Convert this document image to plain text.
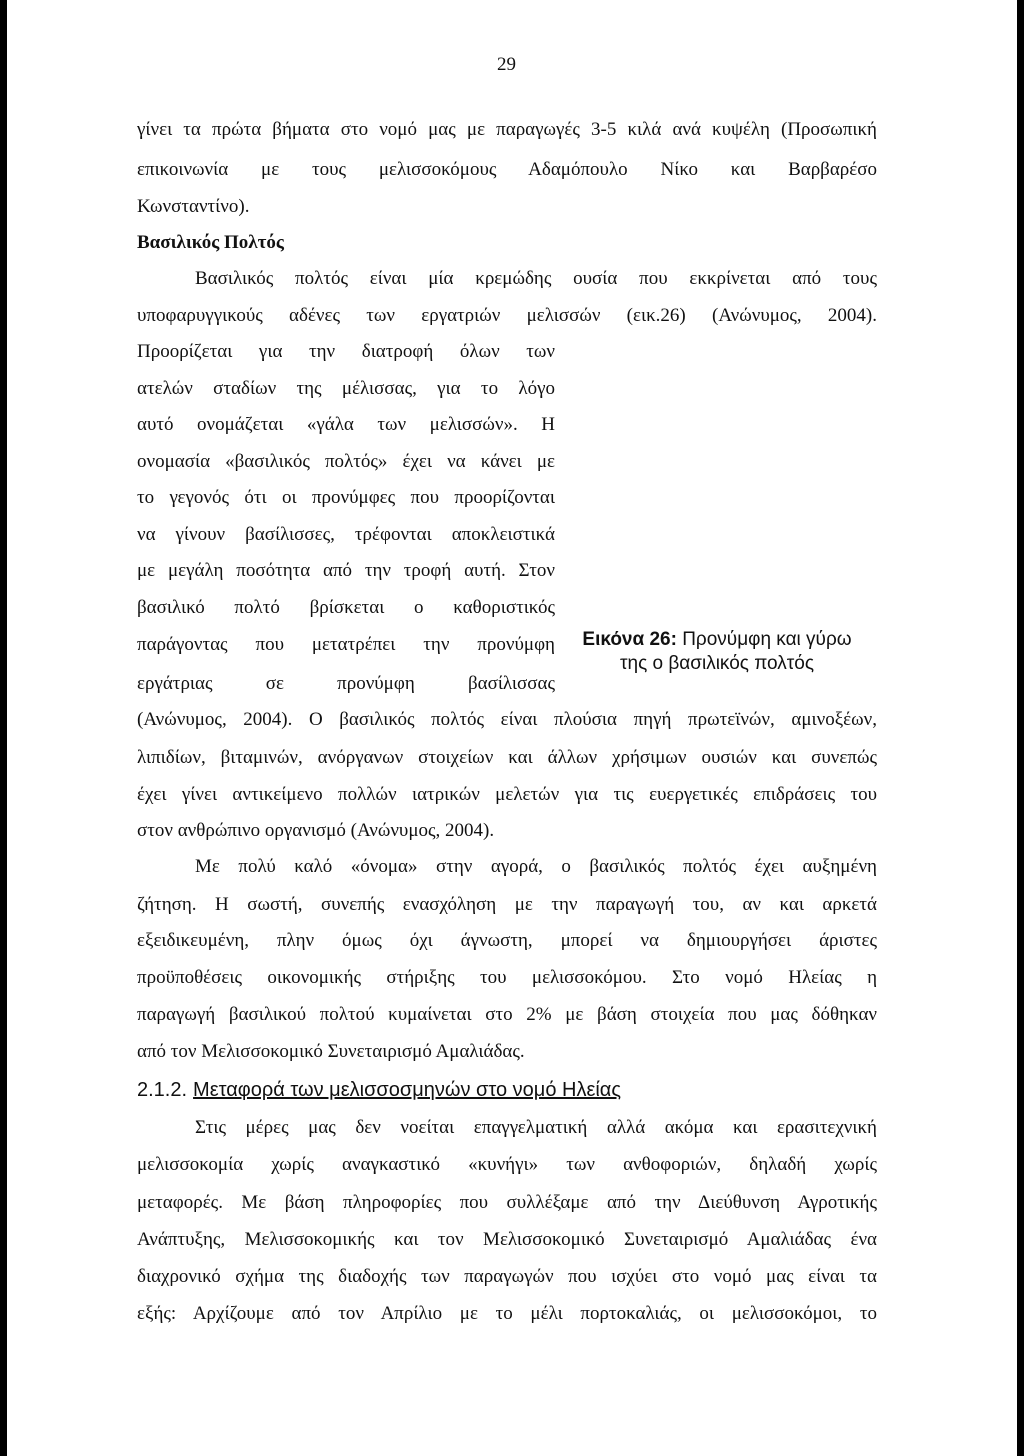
29
γίνει τα πρώτα βήματα στο νομό μας με παραγωγές 3-5 κιλά ανά κυψέλη (Προσωπική
επικοινωνία με τους μελισσοκόμους Αδαμόπουλο Νίκο και Βαρβαρέσο
Κωνσταντίνο).
Βασιλικός Πολτός
Βασιλικός πολτός είναι μία κρεμώδης ουσία που εκκρίνεται από τους
υποφαρυγγικούς αδένες των εργατριών μελισσών (εικ.26) (Ανώνυμος, 2004).
Προορίζεται για την διατροφή όλων των
ατελών σταδίων της μέλισσας, για το λόγο
αυτό ονομάζεται «γάλα των μελισσών». Η
ονομασία «βασιλικός πολτός» έχει να κάνει με
το γεγονός ότι οι προνύμφες που προορίζονται
να γίνουν βασίλισσες, τρέφονται αποκλειστικά
με μεγάλη ποσότητα από την τροφή αυτή. Στον
βασιλικό πολτό βρίσκεται ο καθοριστικός
παράγοντας που μετατρέπει την προνύμφη
εργάτριας σε προνύμφη βασίλισσας
Εικόνα 26: Προνύμφη και γύρω
της ο βασιλικός πολτός
(Ανώνυμος, 2004). Ο βασιλικός πολτός είναι πλούσια πηγή πρωτεϊνών, αμινοξέων,
λιπιδίων, βιταμινών, ανόργανων στοιχείων και άλλων χρήσιμων ουσιών και συνεπώς
έχει γίνει αντικείμενο πολλών ιατρικών μελετών για τις ευεργετικές επιδράσεις του
στον ανθρώπινο οργανισμό (Ανώνυμος, 2004).
Με πολύ καλό «όνομα» στην αγορά, ο βασιλικός πολτός έχει αυξημένη
ζήτηση. Η σωστή, συνεπής ενασχόληση με την παραγωγή του, αν και αρκετά
εξειδικευμένη, πλην όμως όχι άγνωστη, μπορεί να δημιουργήσει άριστες
προϋποθέσεις οικονομικής στήριξης του μελισσοκόμου. Στο νομό Ηλείας η
παραγωγή βασιλικού πολτού κυμαίνεται στο 2% με βάση στοιχεία που μας δόθηκαν
από τον Μελισσοκομικό Συνεταιρισμό Αμαλιάδας.
2.1.2. Μεταφορά των μελισσοσμηνών στο νομό Ηλείας
Στις μέρες μας δεν νοείται επαγγελματική αλλά ακόμα και ερασιτεχνική
μελισσοκομία χωρίς αναγκαστικό «κυνήγι» των ανθοφοριών, δηλαδή χωρίς
μεταφορές. Με βάση πληροφορίες που συλλέξαμε από την Διεύθυνση Αγροτικής
Ανάπτυξης, Μελισσοκομικής και τον Μελισσοκομικό Συνεταιρισμό Αμαλιάδας ένα
διαχρονικό σχήμα της διαδοχής των παραγωγών που ισχύει στο νομό μας είναι τα
εξής: Αρχίζουμε από τον Απρίλιο με το μέλι πορτοκαλιάς, οι μελισσοκόμοι, το
